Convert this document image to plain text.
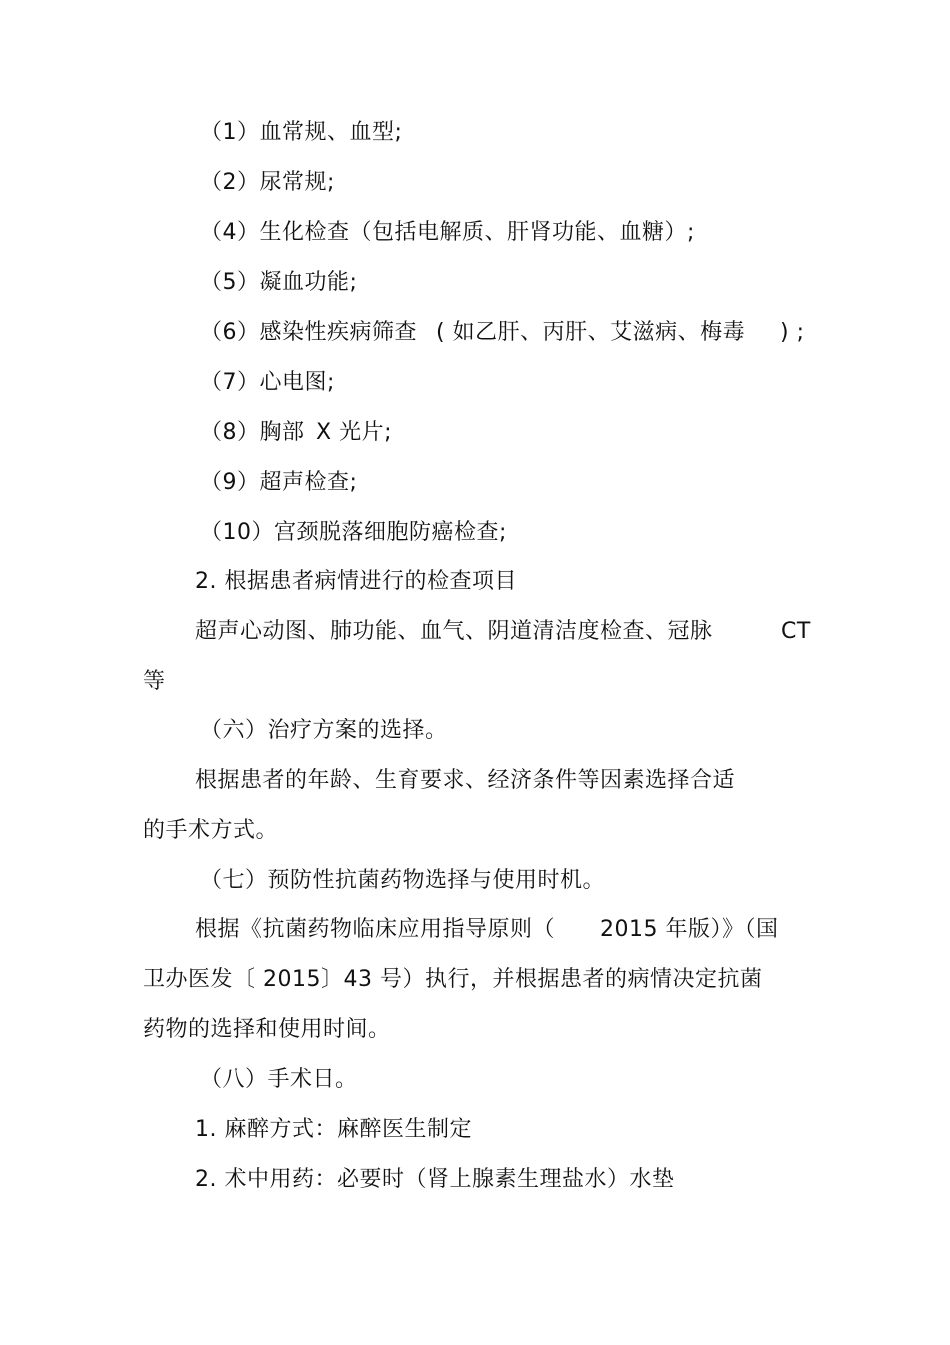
（1）血常规、血型;
（2）尿常规;
（4）生化检查（包括电解质、肝肾功能、血糖）;
（5）凝血功能;
（6）感染性疾病筛查 ( 如乙肝、丙肝、艾滋病、梅毒 ) ;
（7）心电图;
（8）胸部 X 光片;
（9）超声检查;
（10）宫颈脱落细胞防癌检查;
2. 根据患者病情进行的检查项目
超声心动图、肺功能、血气、阴道清洁度检查、冠脉	CT
等
（六）治疗方案的选择。
根据患者的年龄、生育要求、经济条件等因素选择合适
的手术方式。
（七）预防性抗菌药物选择与使用时机。
根据《抗菌药物临床应用指导原则（ 2015 年版）》（国
卫办医发〔 2015〕43 号）执行，并根据患者的病情决定抗菌
药物的选择和使用时间。
（八）手术日。
1. 麻醉方式：麻醉医生制定
2. 术中用药：必要时（肾上腺素生理盐水）水垫
